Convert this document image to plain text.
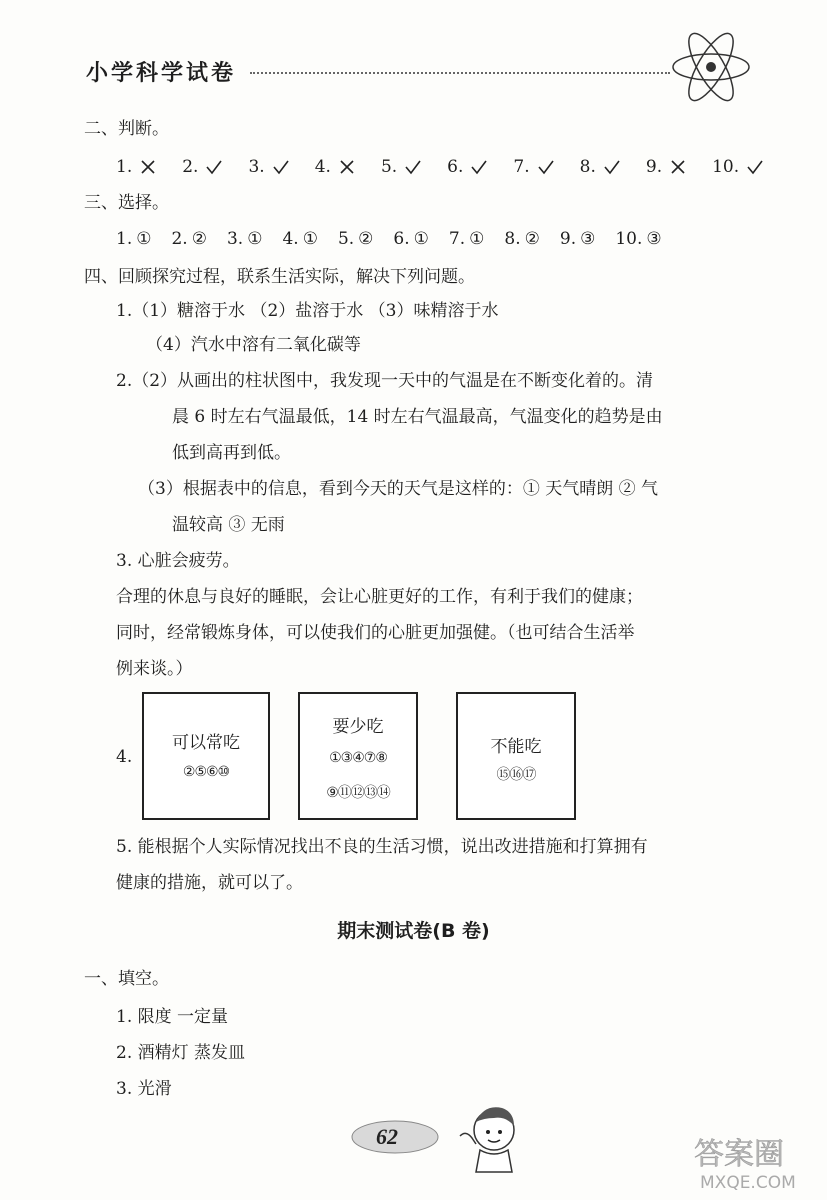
小学科学试卷
二、判断。
1.	2.	3.	4.	5.	6.	7.	8.	9.	10.
三、选择。
1. ① 2. ② 3. ① 4. ① 5. ② 6. ① 7. ① 8. ② 9. ③ 10. ③
四、回顾探究过程，联系生活实际，解决下列问题。
1.（1）糖溶于水 （2）盐溶于水 （3）味精溶于水
（4）汽水中溶有二氧化碳等
2.（2）从画出的柱状图中，我发现一天中的气温是在不断变化着的。清
晨 6 时左右气温最低，14 时左右气温最高，气温变化的趋势是由
低到高再到低。
（3）根据表中的信息，看到今天的天气是这样的：① 天气晴朗 ② 气
温较高 ③ 无雨
3. 心脏会疲劳。
合理的休息与良好的睡眠，会让心脏更好的工作，有利于我们的健康；
同时，经常锻炼身体，可以使我们的心脏更加强健。（也可结合生活举
例来谈。）
4.
可以常吃
②⑤⑥⑩
要少吃
①③④⑦⑧
⑨⑪⑫⑬⑭
不能吃
⑮⑯⑰
5. 能根据个人实际情况找出不良的生活习惯，说出改进措施和打算拥有
健康的措施，就可以了。
期末测试卷(B 卷)
一、填空。
1. 限度 一定量
2. 酒精灯 蒸发皿
3. 光滑
62
答案圈
MXQE.COM
